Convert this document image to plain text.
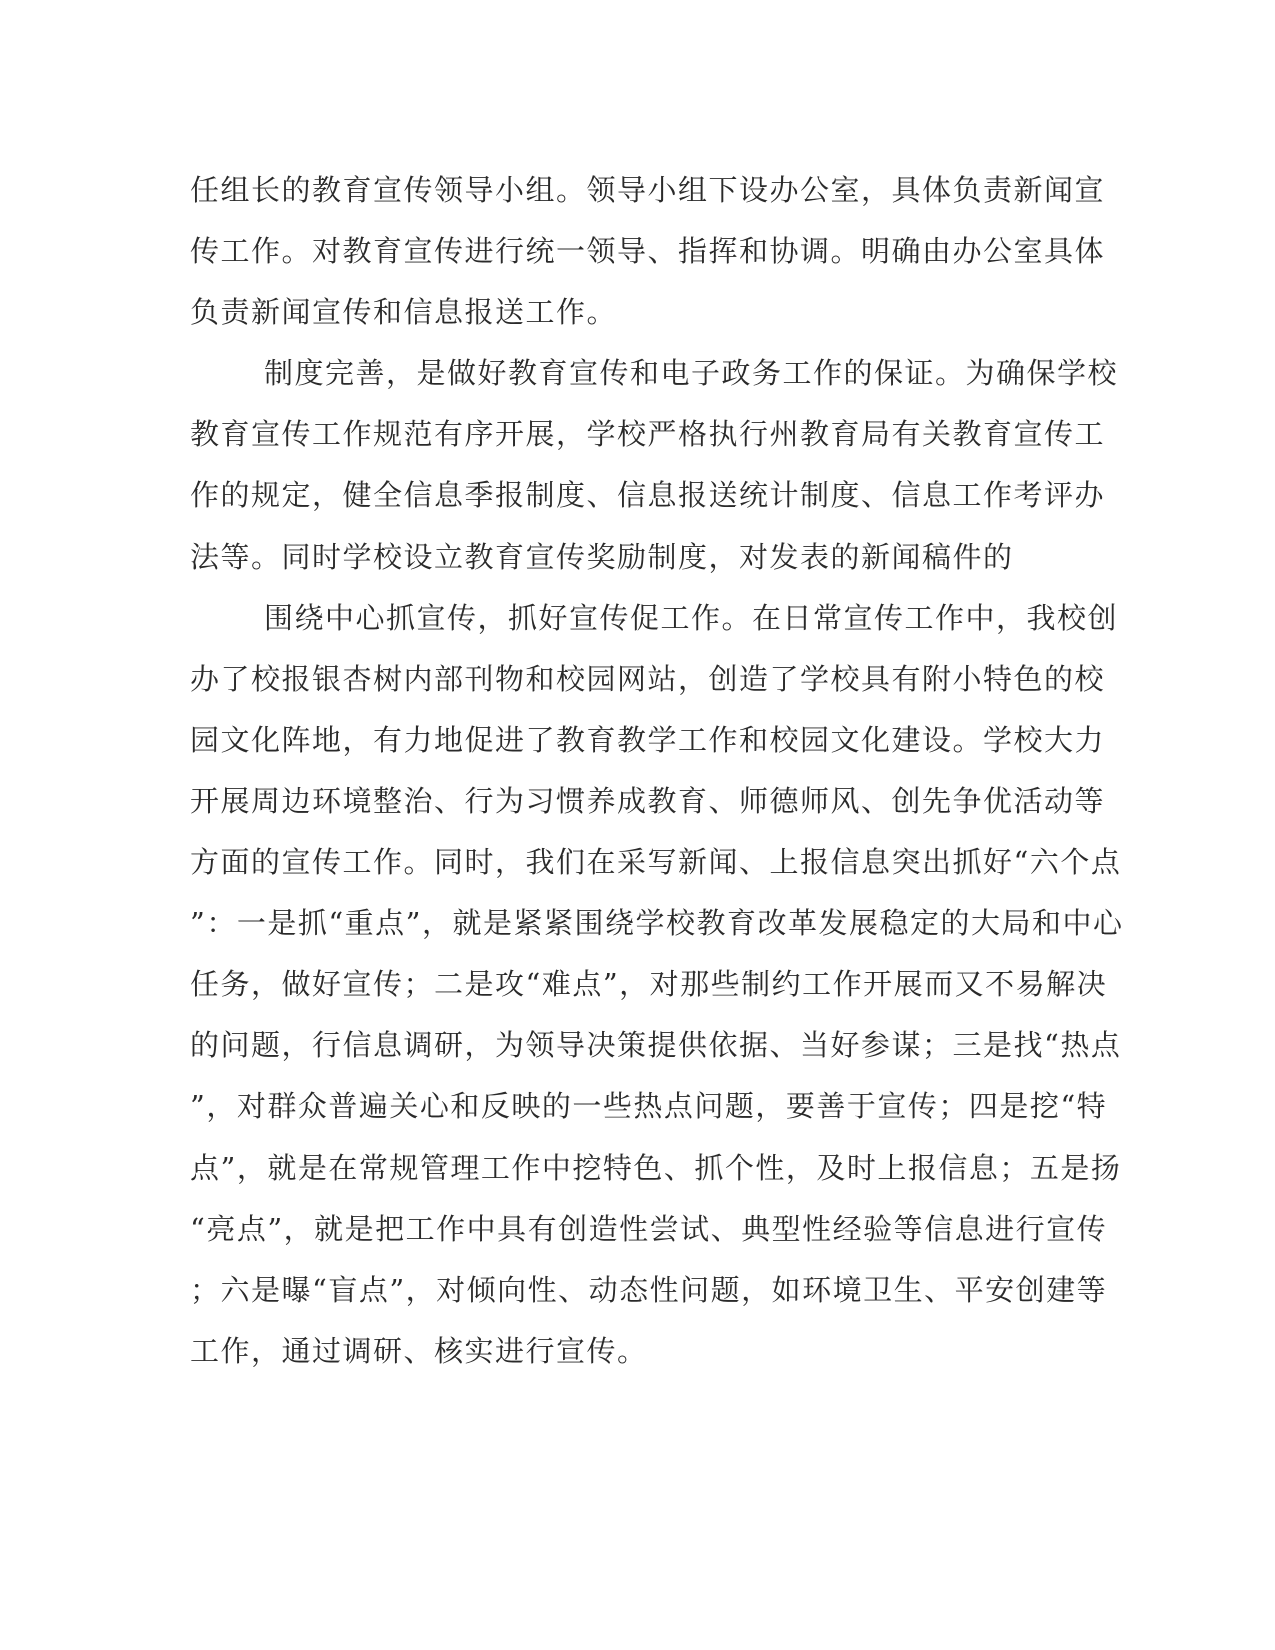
任组长的教育宣传领导小组。领导小组下设办公室，具体负责新闻宣
传工作。对教育宣传进行统一领导、指挥和协调。明确由办公室具体
负责新闻宣传和信息报送工作。
制度完善，是做好教育宣传和电子政务工作的保证。为确保学校
教育宣传工作规范有序开展，学校严格执行州教育局有关教育宣传工
作的规定，健全信息季报制度、信息报送统计制度、信息工作考评办
法等。同时学校设立教育宣传奖励制度，对发表的新闻稿件的
围绕中心抓宣传，抓好宣传促工作。在日常宣传工作中，我校创
办了校报银杏树内部刊物和校园网站，创造了学校具有附小特色的校
园文化阵地，有力地促进了教育教学工作和校园文化建设。学校大力
开展周边环境整治、行为习惯养成教育、师德师风、创先争优活动等
方面的宣传工作。同时，我们在采写新闻、上报信息突出抓好“六个点
”：一是抓“重点”，就是紧紧围绕学校教育改革发展稳定的大局和中心
任务，做好宣传；二是攻“难点”，对那些制约工作开展而又不易解决
的问题，行信息调研，为领导决策提供依据、当好参谋；三是找“热点
”，对群众普遍关心和反映的一些热点问题，要善于宣传；四是挖“特
点”，就是在常规管理工作中挖特色、抓个性，及时上报信息；五是扬
“亮点”，就是把工作中具有创造性尝试、典型性经验等信息进行宣传
；六是曝“盲点”，对倾向性、动态性问题，如环境卫生、平安创建等
工作，通过调研、核实进行宣传。
